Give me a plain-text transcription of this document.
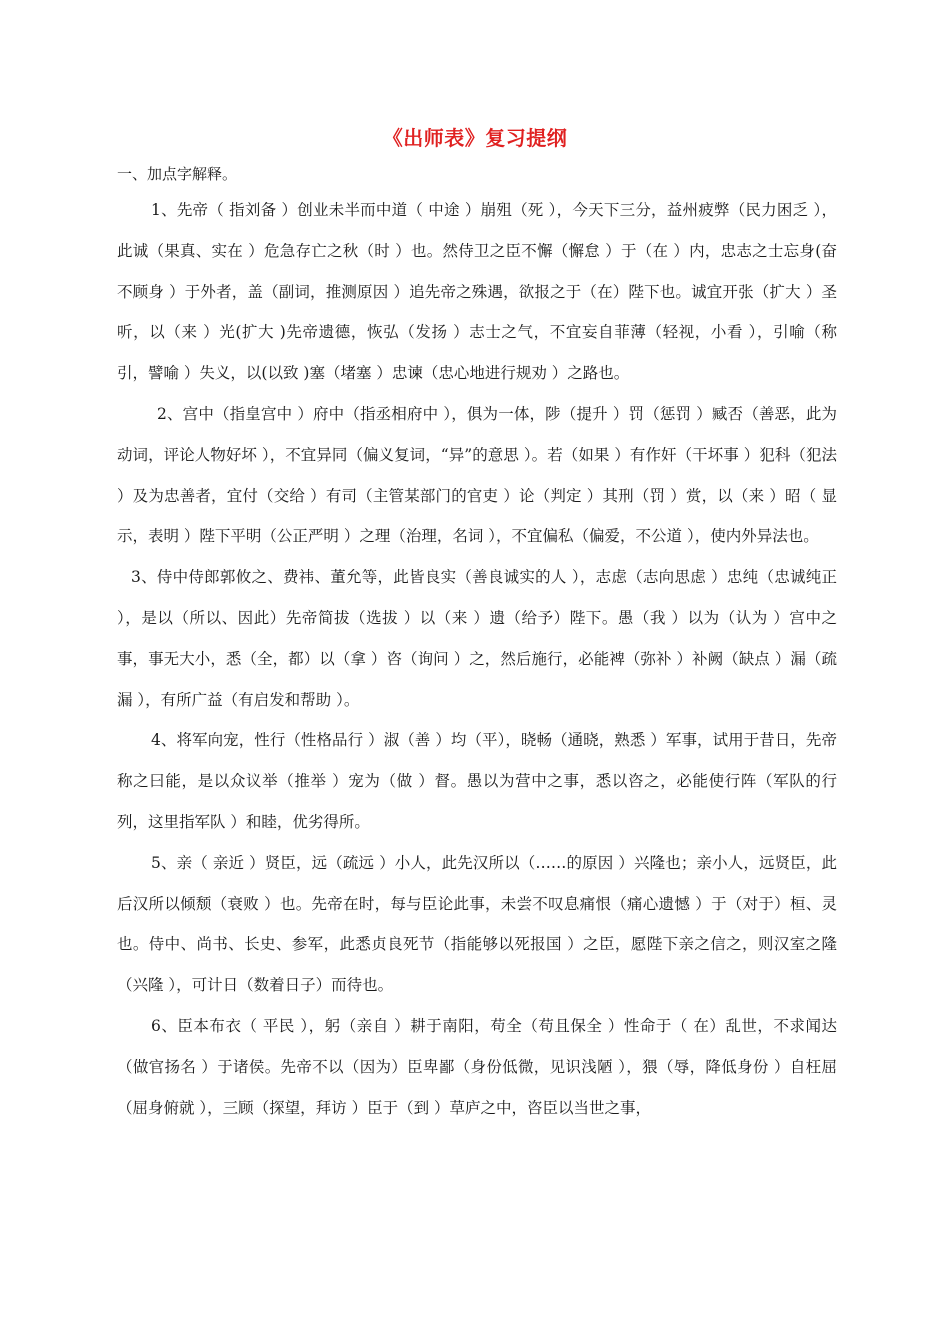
《出师表》复习提纲
一、加点字解释。

1、先帝（ 指刘备 ）创业未半而中道（ 中途 ）崩殂（死 ），今天下三分，益州疲弊（民力困乏 ），此诚（果真、实在 ）危急存亡之秋（时 ）也。然侍卫之臣不懈（懈怠 ）于（在 ）内，忠志之士忘身(奋不顾身 ）于外者，盖（副词，推测原因 ）追先帝之殊遇，欲报之于（在）陛下也。诚宜开张（扩大 ）圣听，以（来 ）光(扩大 )先帝遗德，恢弘（发扬 ）志士之气，不宜妄自菲薄（轻视，小看 ），引喻（称引，譬喻 ）失义，以(以致 )塞（堵塞 ）忠谏（忠心地进行规劝 ）之路也。

2、宫中（指皇宫中 ）府中（指丞相府中 ），俱为一体，陟（提升 ）罚（惩罚 ）臧否（善恶，此为动词，评论人物好坏 ），不宜异同（偏义复词，“异”的意思 ）。若（如果 ）有作奸（干坏事 ）犯科（犯法 ）及为忠善者，宜付（交给 ）有司（主管某部门的官吏 ）论（判定 ）其刑（罚 ）赏，以（来 ）昭（ 显示，表明 ）陛下平明（公正严明 ）之理（治理，名词 ），不宜偏私（偏爱，不公道 ），使内外异法也。

3、侍中侍郎郭攸之、费祎、董允等，此皆良实（善良诚实的人 ），志虑（志向思虑 ）忠纯（忠诚纯正 ），是以（所以、因此）先帝简拔（选拔 ）以（来 ）遗（给予）陛下。愚（我 ）以为（认为 ）宫中之事，事无大小，悉（全，都）以（拿 ）咨（询问 ）之，然后施行，必能裨（弥补 ）补阙（缺点 ）漏（疏漏 ），有所广益（有启发和帮助 ）。

4、将军向宠，性行（性格品行 ）淑（善 ）均（平），晓畅（通晓，熟悉 ）军事，试用于昔日，先帝称之曰能，是以众议举（推举 ）宠为（做 ）督。愚以为营中之事，悉以咨之，必能使行阵（军队的行列，这里指军队 ）和睦，优劣得所。

5、亲（ 亲近 ）贤臣，远（疏远 ）小人，此先汉所以（……的原因 ）兴隆也；亲小人，远贤臣，此后汉所以倾颓（衰败 ）也。先帝在时，每与臣论此事，未尝不叹息痛恨（痛心遗憾 ）于（对于）桓、灵也。侍中、尚书、长史、参军，此悉贞良死节（指能够以死报国 ）之臣，愿陛下亲之信之，则汉室之隆（兴隆 ），可计日（数着日子）而待也。

6、臣本布衣（ 平民 ），躬（亲自 ）耕于南阳，苟全（苟且保全 ）性命于（ 在）乱世，不求闻达（做官扬名 ）于诸侯。先帝不以（因为）臣卑鄙（身份低微，见识浅陋 ），猥（辱，降低身份 ）自枉屈（屈身俯就 ），三顾（探望，拜访 ）臣于（到 ）草庐之中，咨臣以当世之事，
